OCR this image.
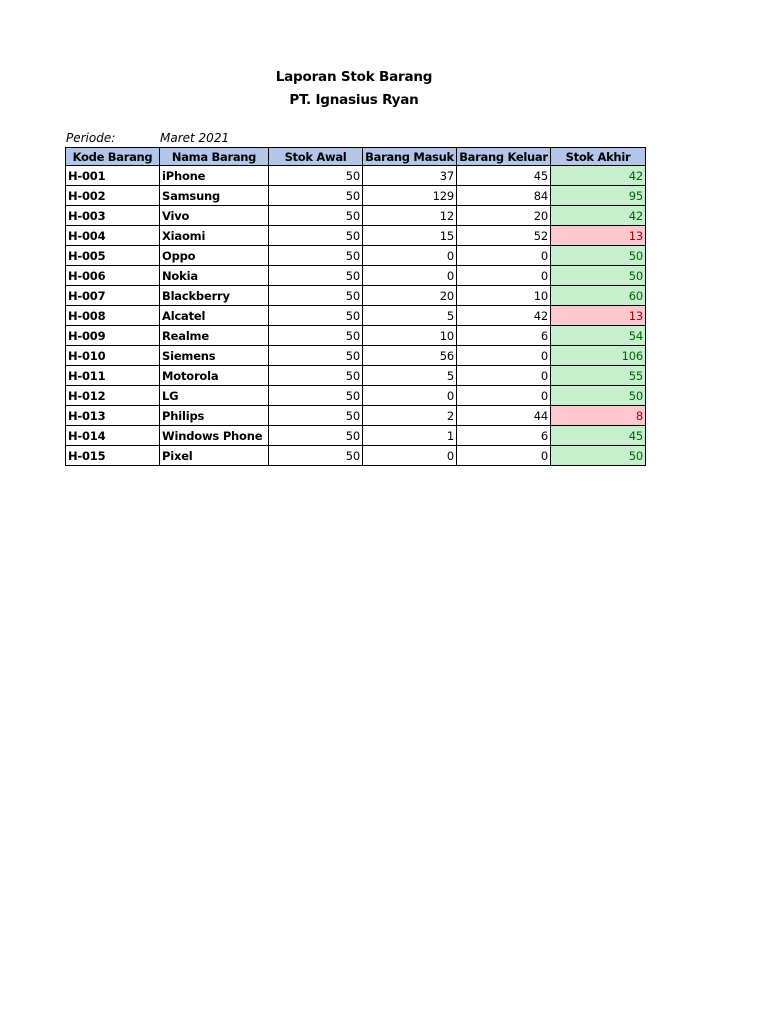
Laporan Stok Barang
PT. Ignasius Ryan
Periode:	Maret 2021
Kode Barang	Nama Barang	Stok Awal	Barang Masuk	Barang Keluar	Stok Akhir
H-001	iPhone	50	37	45	42
H-002	Samsung	50	129	84	95
H-003	Vivo	50	12	20	42
H-004	Xiaomi	50	15	52	13
H-005	Oppo	50	0	0	50
H-006	Nokia	50	0	0	50
H-007	Blackberry	50	20	10	60
H-008	Alcatel	50	5	42	13
H-009	Realme	50	10	6	54
H-010	Siemens	50	56	0	106
H-011	Motorola	50	5	0	55
H-012	LG	50	0	0	50
H-013	Philips	50	2	44	8
H-014	Windows Phone	50	1	6	45
H-015	Pixel	50	0	0	50
